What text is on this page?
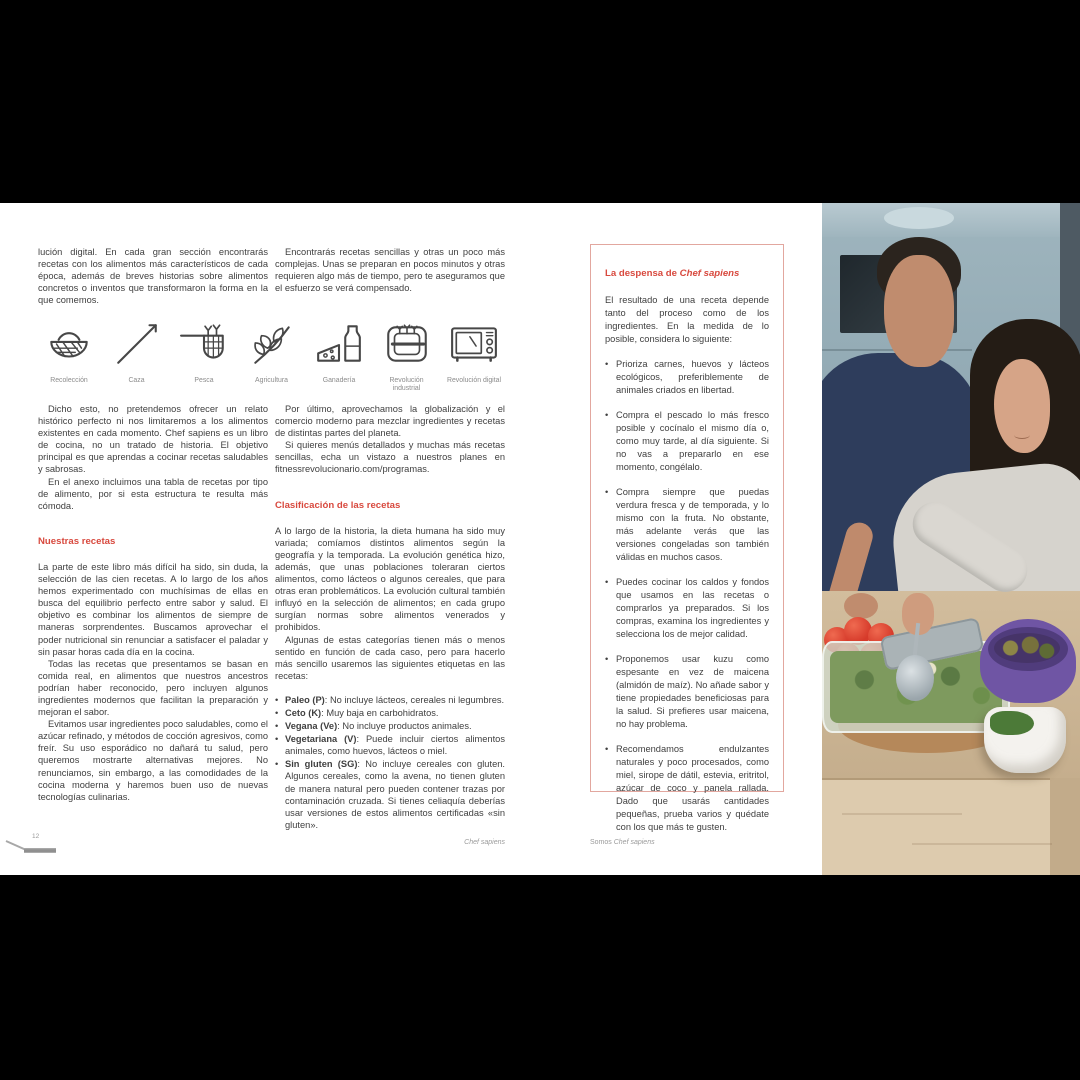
lución digital. En cada gran sección encontrarás recetas con los alimentos más característicos de cada época, además de breves historias sobre alimentos concretos o inventos que transformaron la forma en la que comemos.

Encontrarás recetas sencillas y otras un poco más complejas. Unas se preparan en pocos minutos y otras requieren algo más de tiempo, pero te aseguramos que el esfuerzo se verá compensado.

Recolección	Caza	Pesca	Agricultura	Ganadería	Revolución industrial
Revolución digital

Dicho esto, no pretendemos ofrecer un relato histórico perfecto ni nos limitaremos a los alimentos existentes en cada momento. Chef sapiens es un libro de cocina, no un tratado de historia. El objetivo principal es que aprendas a cocinar recetas saludables y sabrosas.

En el anexo incluimos una tabla de recetas por tipo de alimento, por si esta estructura te resulta más cómoda.

Nuestras recetas

La parte de este libro más difícil ha sido, sin duda, la selección de las cien recetas. A lo largo de los años hemos experimentado con muchísimas de ellas en busca del equilibrio perfecto entre sabor y salud. El objetivo es combinar los alimentos de siempre de maneras sorprendentes. Buscamos aprovechar el poder nutricional sin renunciar a satisfacer el paladar y sin pasar horas cada día en la cocina.

Todas las recetas que presentamos se basan en comida real, en alimentos que nuestros ancestros podrían haber reconocido, pero incluyen algunos ingredientes modernos que facilitan la preparación y mejoran el sabor.

Evitamos usar ingredientes poco saludables, como el azúcar refinado, y métodos de cocción agresivos, como freír. Su uso esporádico no dañará tu salud, pero queremos mostrarte alternativas mejores. No renunciamos, sin embargo, a las comodidades de la cocina moderna y haremos buen uso de nuevas tecnologías culinarias.

Por último, aprovechamos la globalización y el comercio moderno para mezclar ingredientes y recetas de distintas partes del planeta.

Si quieres menús detallados y muchas más recetas sencillas, echa un vistazo a nuestros planes en fitnessrevolucionario.com/programas.

Clasificación de las recetas

A lo largo de la historia, la dieta humana ha sido muy variada; comíamos distintos alimentos según la geografía y la temporada. La evolución genética hizo, además, que unas poblaciones toleraran ciertos alimentos, como lácteos o algunos cereales, que para otras eran problemáticos. La evolución cultural también influyó en la selección de alimentos; en cada grupo surgían normas sobre alimentos venerados y prohibidos.

Algunas de estas categorías tienen más o menos sentido en función de cada caso, pero para hacerlo más sencillo usaremos las siguientes etiquetas en las recetas:

• Paleo (P): No incluye lácteos, cereales ni legumbres.
• Ceto (K): Muy baja en carbohidratos.
• Vegana (Ve): No incluye productos animales.
• Vegetariana (V): Puede incluir ciertos alimentos animales, como huevos, lácteos o miel.
• Sin gluten (SG): No incluye cereales con gluten. Algunos cereales, como la avena, no tienen gluten de manera natural pero pueden contener trazas por contaminación cruzada. Si tienes celiaquía deberías usar versiones de estos alimentos certificadas «sin gluten».
La despensa de Chef sapiens

El resultado de una receta depende tanto del proceso como de los ingredientes. En la medida de lo posible, considera lo siguiente:

• Prioriza carnes, huevos y lácteos ecológicos, preferiblemente de animales criados en libertad.
• Compra el pescado lo más fresco posible y cocínalo el mismo día o, como muy tarde, al día siguiente. Si no vas a prepararlo en ese momento, congélalo.
• Compra siempre que puedas verdura fresca y de temporada, y lo mismo con la fruta. No obstante, más adelante verás que las versiones congeladas son también válidas en muchos casos.
• Puedes cocinar los caldos y fondos que usamos en las recetas o comprarlos ya preparados. Si los compras, examina los ingredientes y selecciona los de mejor calidad.
• Proponemos usar kuzu como espesante en vez de maicena (almidón de maíz). No añade sabor y tiene propiedades beneficiosas para la salud. Si prefieres usar maicena, no hay problema.
• Recomendamos endulzantes naturales y poco procesados, como miel, sirope de dátil, estevia, eritritol, azúcar de coco y panela rallada. Dado que usarás cantidades pequeñas, prueba varios y quédate con los que más te gusten.
12
Chef sapiens	Somos Chef sapiens
